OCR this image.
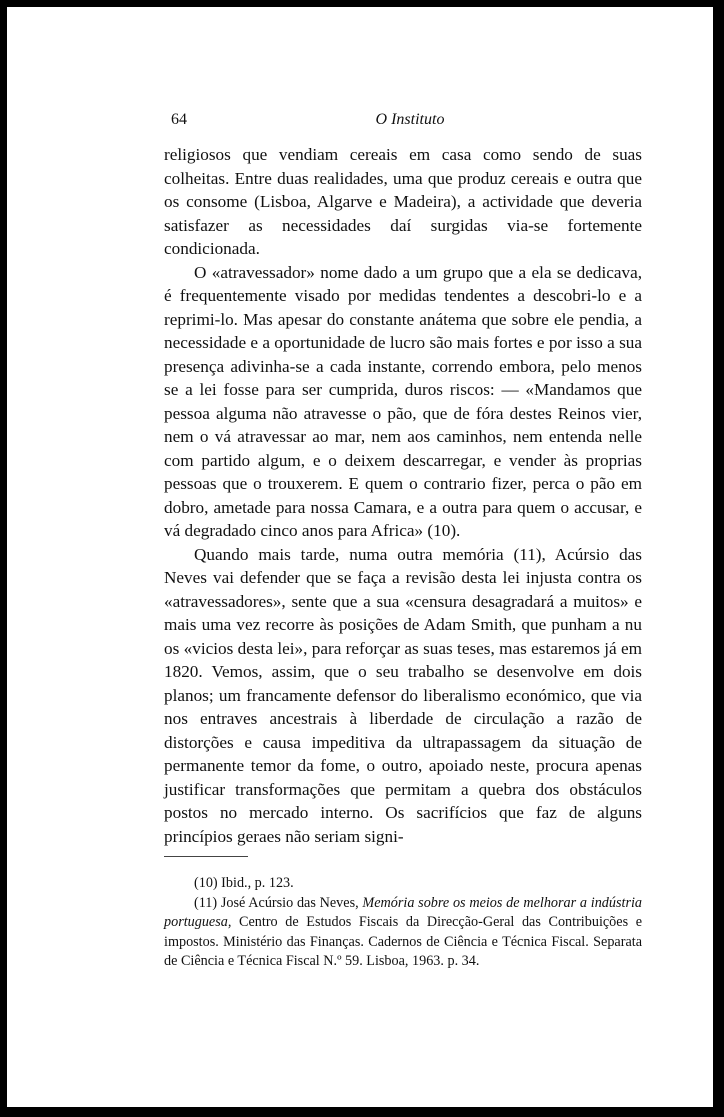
64	O Instituto

religiosos que vendiam cereais em casa como sendo de suas colheitas. Entre duas realidades, uma que produz cereais e outra que os consome (Lisboa, Algarve e Madeira), a actividade que deveria satisfazer as necessidades daí surgidas via-se fortemente condicionada.

O «atravessador» nome dado a um grupo que a ela se dedicava, é frequentemente visado por medidas tendentes a descobri-lo e a reprimi-lo. Mas apesar do constante anátema que sobre ele pendia, a necessidade e a oportunidade de lucro são mais fortes e por isso a sua presença adivinha-se a cada instante, correndo embora, pelo menos se a lei fosse para ser cumprida, duros riscos: — «Mandamos que pessoa alguma não atravesse o pão, que de fóra destes Reinos vier, nem o vá atravessar ao mar, nem aos caminhos, nem entenda nelle com partido algum, e o deixem descarregar, e vender às proprias pessoas que o trouxerem. E quem o contrario fizer, perca o pão em dobro, ametade para nossa Camara, e a outra para quem o accusar, e vá degradado cinco anos para Africa» (10).

Quando mais tarde, numa outra memória (11), Acúrsio das Neves vai defender que se faça a revisão desta lei injusta contra os «atravessadores», sente que a sua «censura desagradará a muitos» e mais uma vez recorre às posições de Adam Smith, que punham a nu os «vicios desta lei», para reforçar as suas teses, mas estaremos já em 1820. Vemos, assim, que o seu trabalho se desenvolve em dois planos; um francamente defensor do liberalismo económico, que via nos entraves ancestrais à liberdade de circulação a razão de distorções e causa impeditiva da ultrapassagem da situação de permanente temor da fome, o outro, apoiado neste, procura apenas justificar transformações que permitam a quebra dos obstáculos postos no mercado interno. Os sacrifícios que faz de alguns princípios geraes não seriam signi-

(10) Ibid., p. 123.

(11) José Acúrsio das Neves, Memória sobre os meios de melhorar a indústria portuguesa, Centro de Estudos Fiscais da Direcção-Geral das Contribuições e impostos. Ministério das Finanças. Cadernos de Ciência e Técnica Fiscal. Separata de Ciência e Técnica Fiscal N.º 59. Lisboa, 1963. p. 34.
